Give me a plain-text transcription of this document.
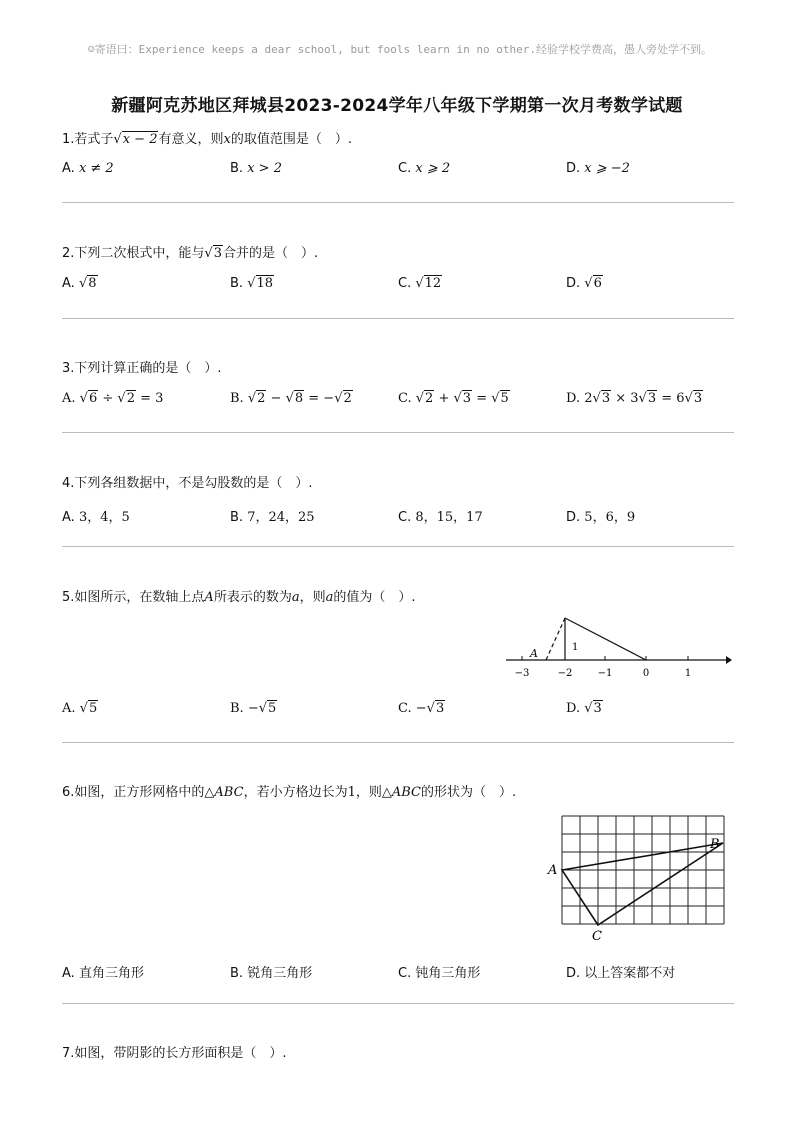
☺寄语曰：Experience keeps a dear school, but fools learn in no other.经验学校学费高，愚人旁处学不到。
新疆阿克苏地区拜城县2023-2024学年八年级下学期第一次月考数学试题
1.若式子√x − 2有意义，则x的取值范围是（　）.
A. x ≠ 2	B. x > 2	C. x ⩾ 2	D. x ⩾ −2
2.下列二次根式中，能与√3合并的是（　）.
A. √8	B. √18	C. √12	D. √6
3.下列计算正确的是（　）.
A. √6 ÷ √2 = 3	B. √2 − √8 = −√2	C. √2 + √3 = √5	D. 2√3 × 3√3 = 6√3
4.下列各组数据中，不是勾股数的是（　）.
A. 3，4，5	B. 7，24，25	C. 8，15，17	D. 5，6，9
5.如图所示，在数轴上点A所表示的数为a，则a的值为（　）.
A	1
−3	−2	−1	0	1
A. √5	B. −√5	C. −√3	D. √3
6.如图，正方形网格中的△ABC，若小方格边长为1，则△ABC的形状为（　）.
A
B
C
A. 直角三角形	B. 锐角三角形	C. 钝角三角形	D. 以上答案都不对
7.如图，带阴影的长方形面积是（　）.
